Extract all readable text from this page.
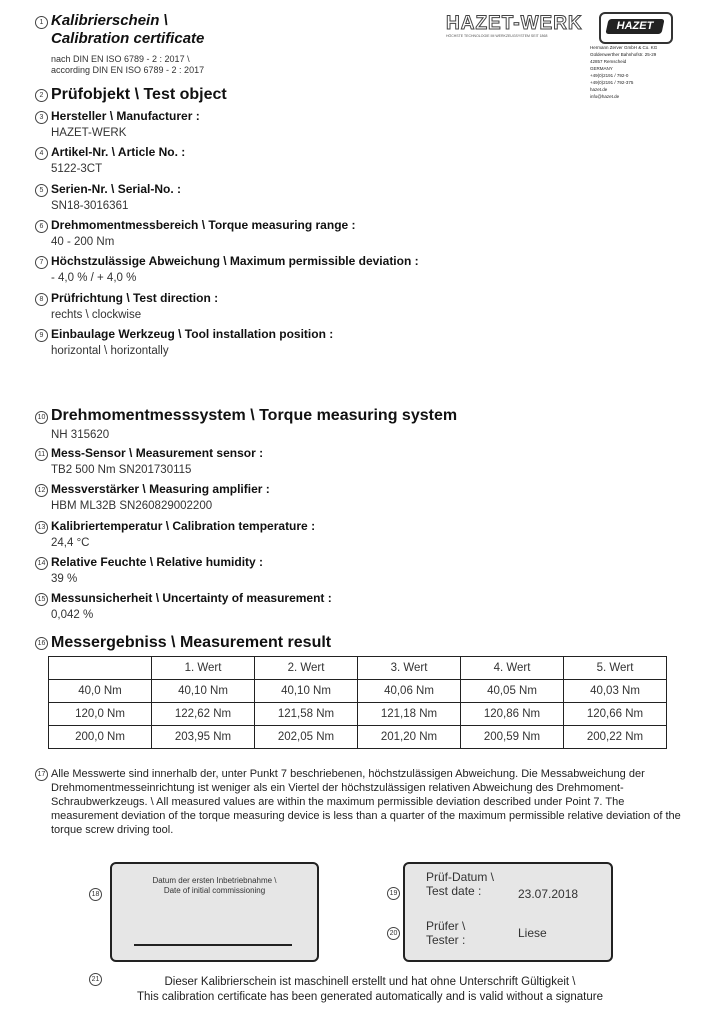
1 Kalibrierschein \
Calibration certificate
nach DIN EN ISO 6789 - 2 : 2017 \
according DIN EN ISO 6789 - 2 : 2017
HAZET-WERK
HÖCHSTE TECHNOLOGIE IM WERKZEUGSYSTEM SEIT 1868
HAZET
Hermann Zerver GmbH & Co. KG
Güldenwerther Bahnhofstr. 25-29
42857 Remscheid
GERMANY
+49(0)2191 / 792-0
+49(0)2191 / 792-375
hazet.de
info@hazet.de
2 Prüfobjekt \ Test object
3 Hersteller \ Manufacturer :
HAZET-WERK
4 Artikel-Nr. \ Article No. :
5122-3CT
5 Serien-Nr. \ Serial-No. :
SN18-3016361
6 Drehmomentmessbereich \ Torque measuring range :
40 - 200 Nm
7 Höchstzulässige Abweichung \ Maximum permissible deviation :
- 4,0 % / + 4,0 %
8 Prüfrichtung \ Test direction :
rechts \ clockwise
9 Einbaulage Werkzeug \ Tool installation position :
horizontal \ horizontally
10 Drehmomentmesssystem \ Torque measuring system
NH 315620
11 Mess-Sensor \ Measurement sensor :
TB2 500 Nm SN201730115
12 Messverstärker \ Measuring amplifier :
HBM ML32B SN260829002200
13 Kalibriertemperatur \ Calibration temperature :
24,4 °C
14 Relative Feuchte \ Relative humidity :
39 %
15 Messunsicherheit \ Uncertainty of measurement :
0,042 %
16 Messergebniss \ Measurement result
	1. Wert	2. Wert	3. Wert	4. Wert	5. Wert
40,0 Nm	40,10 Nm	40,10 Nm	40,06 Nm	40,05 Nm	40,03 Nm
120,0 Nm	122,62 Nm	121,58 Nm	121,18 Nm	120,86 Nm	120,66 Nm
200,0 Nm	203,95 Nm	202,05 Nm	201,20 Nm	200,59 Nm	200,22 Nm
17 Alle Messwerte sind innerhalb der, unter Punkt 7 beschriebenen, höchstzulässigen Abweichung. Die Messabweichung der Drehmomentmesseinrichtung ist weniger als ein Viertel der höchstzulässigen relativen Abweichung des Drehmoment-Schraubwerkzeugs. \ All measured values are within the maximum permissible deviation described under Point 7. The measurement deviation of the torque measuring device is less than a quarter of the maximum permissible relative deviation of the torque screw driving tool.
18
Datum der ersten Inbetriebnahme \
Date of initial commissioning	19
20
Prüf-Datum \
Test date :	23.07.2018
Prüfer \
Tester :	Liese
21	Dieser Kalibrierschein ist maschinell erstellt und hat ohne Unterschrift Gültigkeit \
This calibration certificate has been generated automatically and is valid without a signature
